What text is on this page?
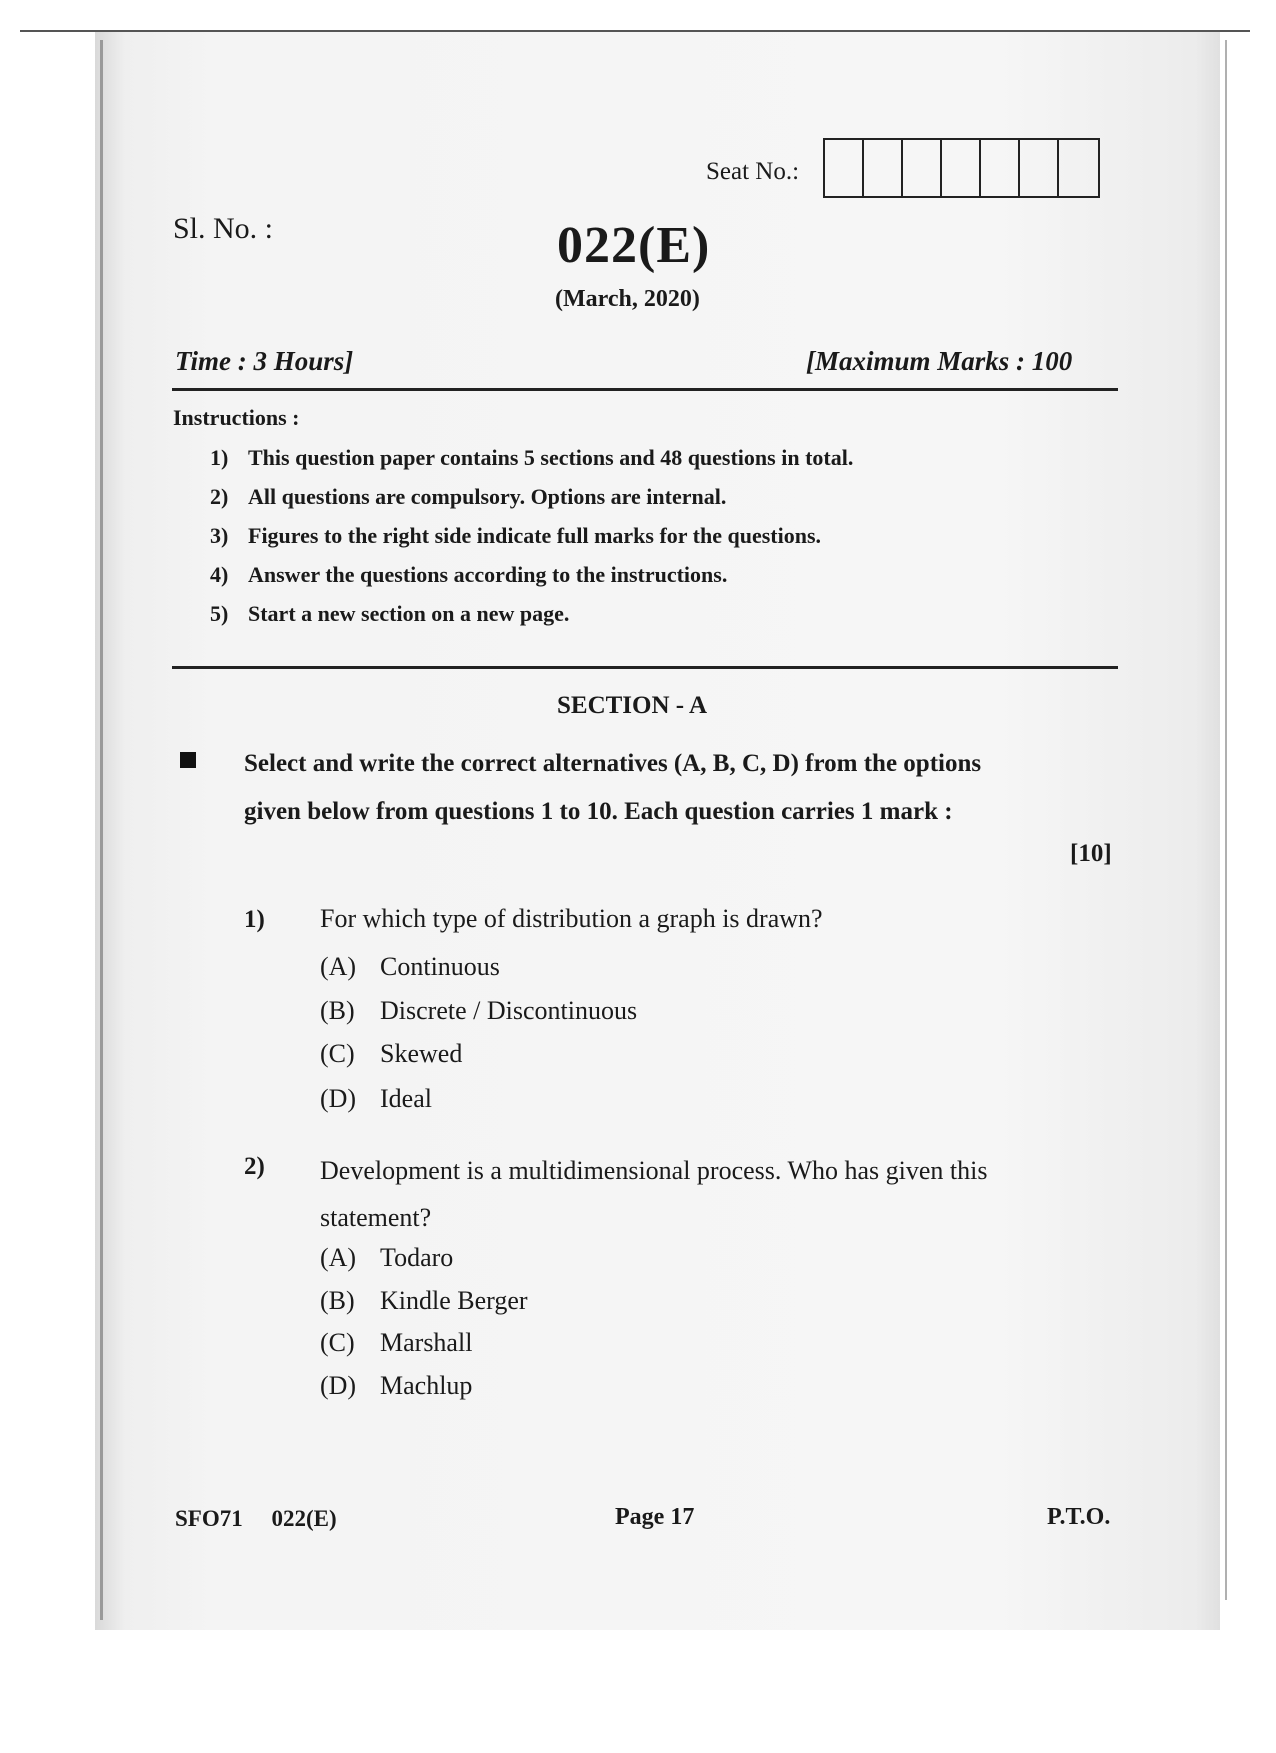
Seat No.:
Sl. No. :	022(E)
(March, 2020)
Time : 3 Hours]	[Maximum Marks : 100
Instructions :
1) This question paper contains 5 sections and 48 questions in total.
2) All questions are compulsory. Options are internal.
3) Figures to the right side indicate full marks for the questions.
4) Answer the questions according to the instructions.
5) Start a new section on a new page.
SECTION - A
Select and write the correct alternatives (A, B, C, D) from the options given below from questions 1 to 10. Each question carries 1 mark :
[10]
1) For which type of distribution a graph is drawn?
(A) Continuous
(B) Discrete / Discontinuous
(C) Skewed
(D) Ideal
2) Development is a multidimensional process. Who has given this statement?
(A) Todaro
(B) Kindle Berger
(C) Marshall
(D) Machlup
SFO71     022(E)	Page 17	P.T.O.
